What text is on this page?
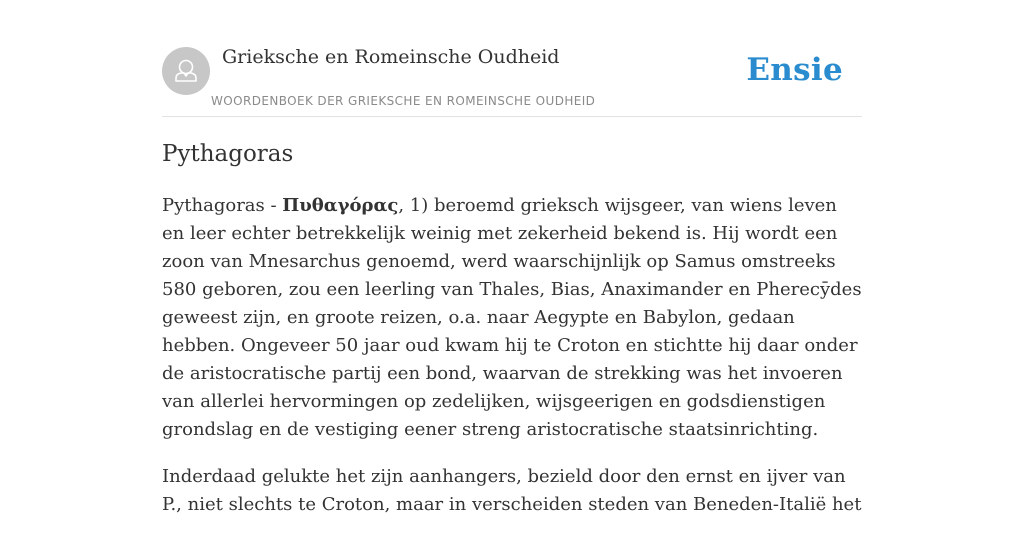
Grieksche en Romeinsche Oudheid
WOORDENBOEK DER GRIEKSCHE EN ROMEINSCHE OUDHEID
Ensie
Pythagoras

Pythagoras - Πυθαγόρας, 1) beroemd grieksch wijsgeer, van wiens leven en leer echter betrekkelijk weinig met zekerheid bekend is. Hij wordt een zoon van Mnesarchus genoemd, werd waarschijnlijk op Samus omstreeks 580 geboren, zou een leerling van Thales, Bias, Anaximander en Pherecȳdes geweest zijn, en groote reizen, o.a. naar Aegypte en Babylon, gedaan hebben. Ongeveer 50 jaar oud kwam hij te Croton en stichtte hij daar onder de aristocratische partij een bond, waarvan de strekking was het invoeren van allerlei hervormingen op zedelijken, wijsgeerigen en godsdienstigen grondslag en de vestiging eener streng aristocratische staatsinrichting.

Inderdaad gelukte het zijn aanhangers, bezield door den ernst en ijver van P., niet slechts te Croton, maar in verscheiden steden van Beneden-Italië het
